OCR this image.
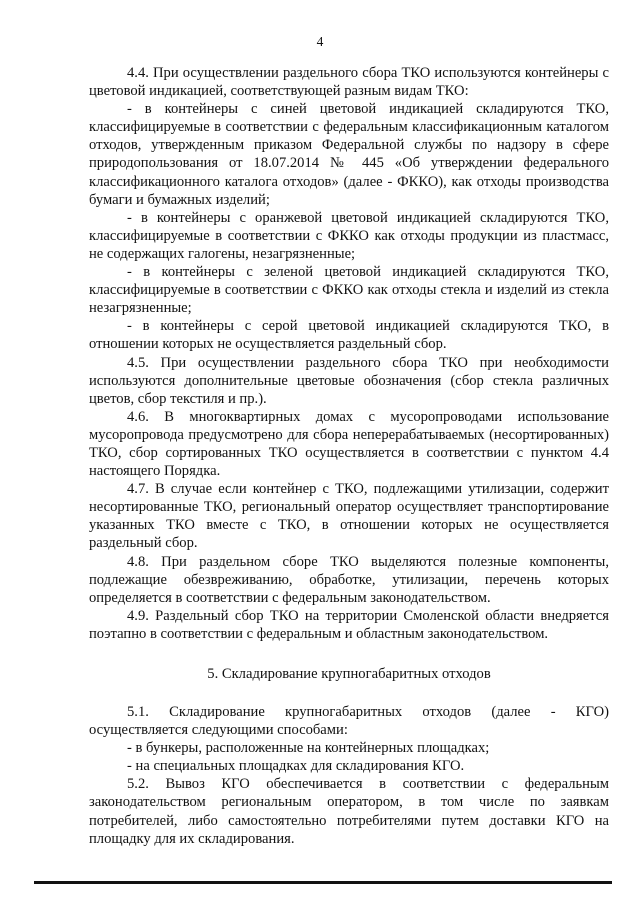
4

4.4. При осуществлении раздельного сбора ТКО используются контейнеры с цветовой индикацией, соответствующей разным видам ТКО:

- в контейнеры с синей цветовой индикацией складируются ТКО, классифицируемые в соответствии с федеральным классификационным каталогом отходов, утвержденным приказом Федеральной службы по надзору в сфере природопользования от 18.07.2014 № 445 «Об утверждении федерального классификационного каталога отходов» (далее - ФККО), как отходы производства бумаги и бумажных изделий;

- в контейнеры с оранжевой цветовой индикацией складируются ТКО, классифицируемые в соответствии с ФККО как отходы продукции из пластмасс, не содержащих галогены, незагрязненные;

- в контейнеры с зеленой цветовой индикацией складируются ТКО, классифицируемые в соответствии с ФККО как отходы стекла и изделий из стекла незагрязненные;

- в контейнеры с серой цветовой индикацией складируются ТКО, в отношении которых не осуществляется раздельный сбор.

4.5. При осуществлении раздельного сбора ТКО при необходимости используются дополнительные цветовые обозначения (сбор стекла различных цветов, сбор текстиля и пр.).

4.6. В многоквартирных домах с мусоропроводами использование мусоропровода предусмотрено для сбора неперерабатываемых (несортированных) ТКО, сбор сортированных ТКО осуществляется в соответствии с пунктом 4.4 настоящего Порядка.

4.7. В случае если контейнер с ТКО, подлежащими утилизации, содержит несортированные ТКО, региональный оператор осуществляет транспортирование указанных ТКО вместе с ТКО, в отношении которых не осуществляется раздельный сбор.

4.8. При раздельном сборе ТКО выделяются полезные компоненты, подлежащие обезвреживанию, обработке, утилизации, перечень которых определяется в соответствии с федеральным законодательством.

4.9. Раздельный сбор ТКО на территории Смоленской области внедряется поэтапно в соответствии с федеральным и областным законодательством.

5. Складирование крупногабаритных отходов

5.1. Складирование крупногабаритных отходов (далее - КГО) осуществляется следующими способами:

- в бункеры, расположенные на контейнерных площадках;

- на специальных площадках для складирования КГО.

5.2. Вывоз КГО обеспечивается в соответствии с федеральным законодательством региональным оператором, в том числе по заявкам потребителей, либо самостоятельно потребителями путем доставки КГО на площадку для их складирования.
